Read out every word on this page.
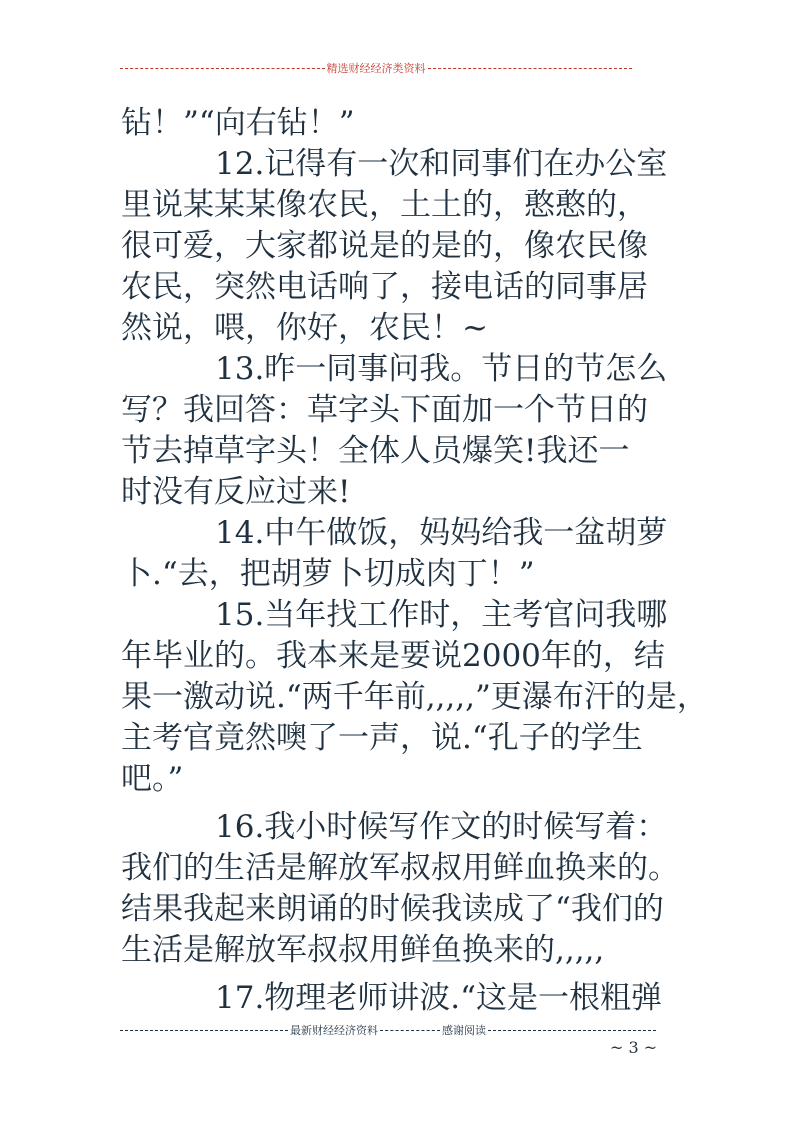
精选财经经济类资料
钻！”“向右钻！”
12.记得有一次和同事们在办公室
里说某某某像农民，土土的，憨憨的，
很可爱，大家都说是的是的，像农民像
农民，突然电话响了，接电话的同事居
然说，喂，你好，农民！~
13.昨一同事问我。节日的节怎么
写？我回答：草字头下面加一个节日的
节去掉草字头！全体人员爆笑!我还一
时没有反应过来!
14.中午做饭，妈妈给我一盆胡萝
卜.“去，把胡萝卜切成肉丁！”
15.当年找工作时，主考官问我哪
年毕业的。我本来是要说2000年的，结
果一激动说.“两千年前,,,,,”更瀑布汗的是，
主考官竟然噢了一声，说.“孔子的学生
吧。”
16.我小时候写作文的时候写着：
我们的生活是解放军叔叔用鲜血换来的。
结果我起来朗诵的时候我读成了“我们的
生活是解放军叔叔用鲜鱼换来的,,,,,
17.物理老师讲波.“这是一根粗弹
最新财经经济资料	感谢阅读
~ 3 ~
